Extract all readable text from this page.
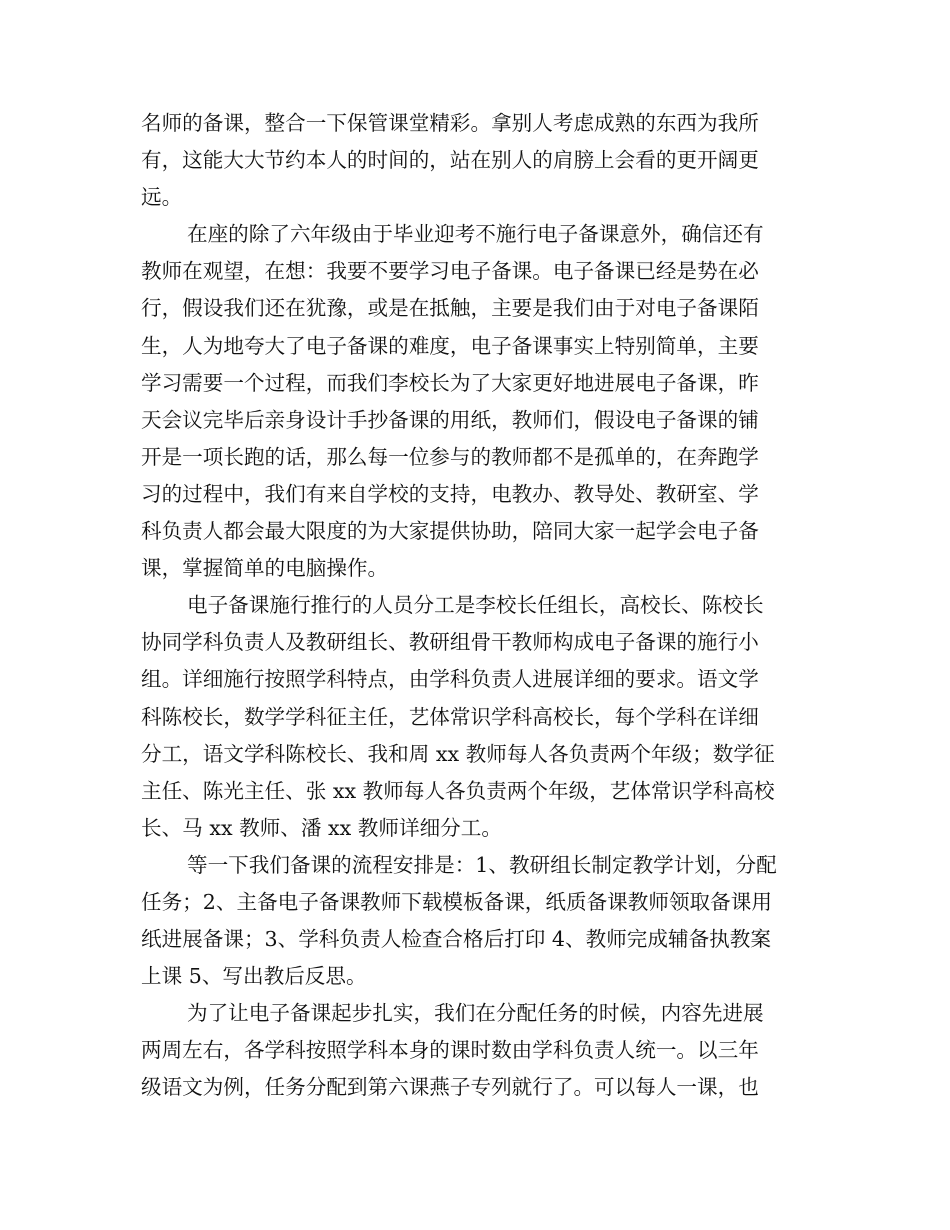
名师的备课，整合一下保管课堂精彩。拿别人考虑成熟的东西为我所
有，这能大大节约本人的时间的，站在别人的肩膀上会看的更开阔更
远。
在座的除了六年级由于毕业迎考不施行电子备课意外，确信还有
教师在观望，在想：我要不要学习电子备课。电子备课已经是势在必
行，假设我们还在犹豫，或是在抵触，主要是我们由于对电子备课陌
生，人为地夸大了电子备课的难度，电子备课事实上特别简单，主要
学习需要一个过程，而我们李校长为了大家更好地进展电子备课，昨
天会议完毕后亲身设计手抄备课的用纸，教师们，假设电子备课的铺
开是一项长跑的话，那么每一位参与的教师都不是孤单的，在奔跑学
习的过程中，我们有来自学校的支持，电教办、教导处、教研室、学
科负责人都会最大限度的为大家提供协助，陪同大家一起学会电子备
课，掌握简单的电脑操作。
电子备课施行推行的人员分工是李校长任组长，高校长、陈校长
协同学科负责人及教研组长、教研组骨干教师构成电子备课的施行小
组。详细施行按照学科特点，由学科负责人进展详细的要求。语文学
科陈校长，数学学科征主任，艺体常识学科高校长，每个学科在详细
分工，语文学科陈校长、我和周 xx 教师每人各负责两个年级；数学征
主任、陈光主任、张 xx 教师每人各负责两个年级，艺体常识学科高校
长、马 xx 教师、潘 xx 教师详细分工。
等一下我们备课的流程安排是：1、教研组长制定教学计划，分配
任务；2、主备电子备课教师下载模板备课，纸质备课教师领取备课用
纸进展备课；3、学科负责人检查合格后打印 4、教师完成辅备执教案
上课 5、写出教后反思。
为了让电子备课起步扎实，我们在分配任务的时候，内容先进展
两周左右，各学科按照学科本身的课时数由学科负责人统一。以三年
级语文为例，任务分配到第六课燕子专列就行了。可以每人一课，也
